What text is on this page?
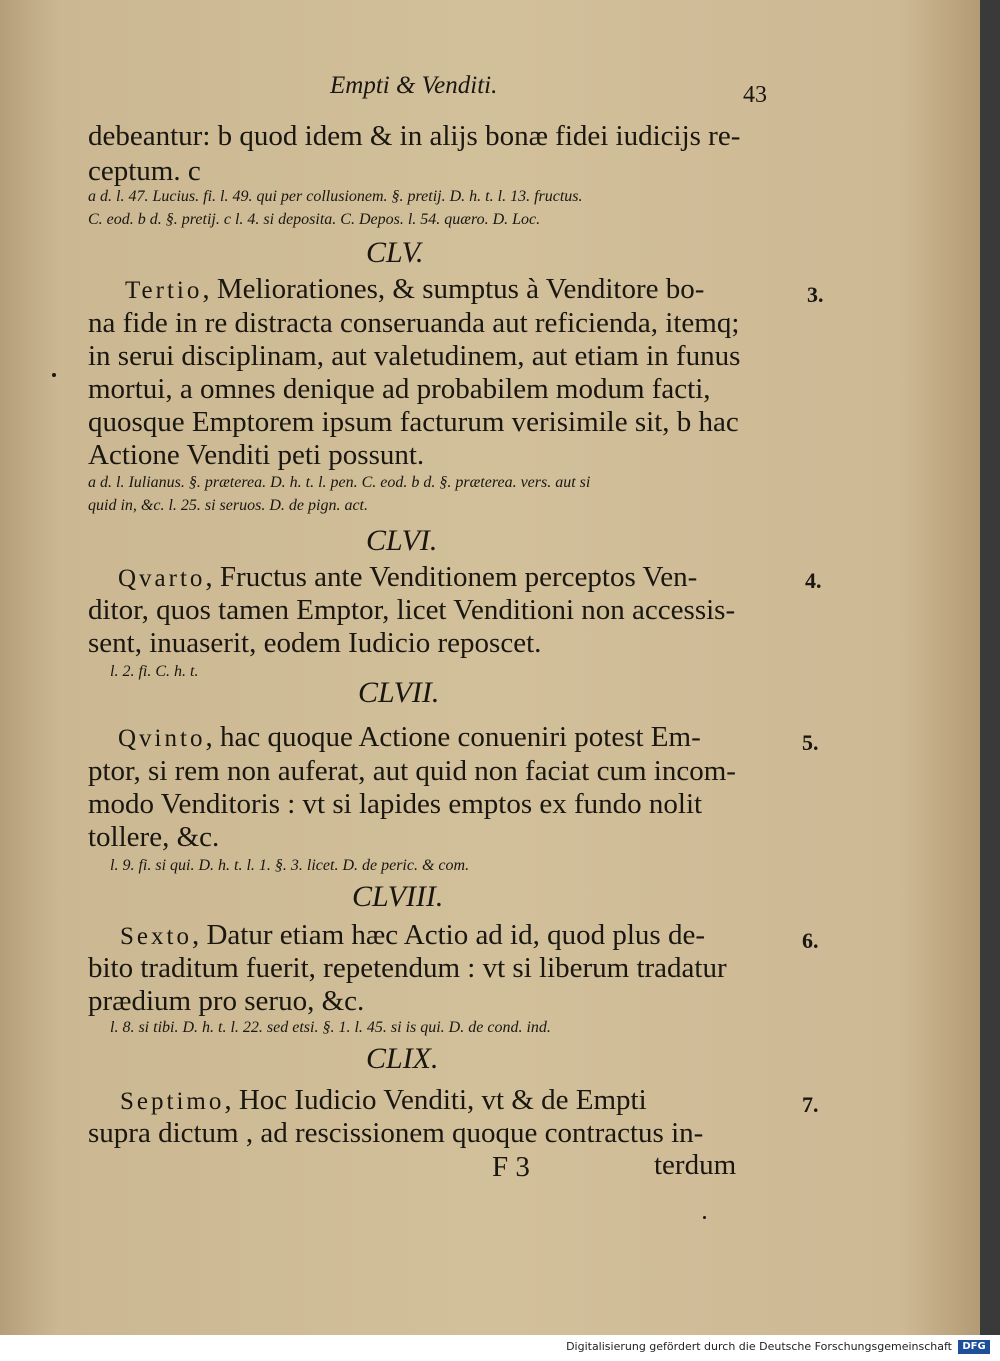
Empti & Venditi.	43
debeantur: b quod idem & in alijs bonæ fidei iudicijs re-
ceptum. c
a d. l. 47. Lucius. fi. l. 49. qui per collusionem. §. pretij. D. h. t. l. 13. fructus.
C. eod. b d. §. pretij. c l. 4. si deposita. C. Depos. l. 54. quæro. D. Loc.
CLV.
Tertio, Meliorationes, & sumptus à Venditore bo-	3.
na fide in re distracta conseruanda aut reficienda, itemq;
in serui disciplinam, aut valetudinem, aut etiam in funus
mortui, a omnes denique ad probabilem modum facti,
quosque Emptorem ipsum facturum verisimile sit, b hac
Actione Venditi peti possunt.
a d. l. Iulianus. §. præterea. D. h. t. l. pen. C. eod. b d. §. præterea. vers. aut si
quid in, &c. l. 25. si seruos. D. de pign. act.
CLVI.
Qvarto, Fructus ante Venditionem perceptos Ven-	4.
ditor, quos tamen Emptor, licet Venditioni non accessis-
sent, inuaserit, eodem Iudicio reposcet.
l. 2. fi. C. h. t.
CLVII.
Qvinto, hac quoque Actione conueniri potest Em-	5.
ptor, si rem non auferat, aut quid non faciat cum incom-
modo Venditoris : vt si lapides emptos ex fundo nolit
tollere, &c.
l. 9. fi. si qui. D. h. t. l. 1. §. 3. licet. D. de peric. & com.
CLVIII.
Sexto, Datur etiam hæc Actio ad id, quod plus de-	6.
bito traditum fuerit, repetendum : vt si liberum tradatur
prædium pro seruo, &c.
l. 8. si tibi. D. h. t. l. 22. sed etsi. §. 1. l. 45. si is qui. D. de cond. ind.
CLIX.
Septimo, Hoc Iudicio Venditi, vt & de Empti	7.
supra dictum , ad rescissionem quoque contractus in-
F 3	terdum
Digitalisierung gefördert durch die Deutsche Forschungsgemeinschaft	DFG
